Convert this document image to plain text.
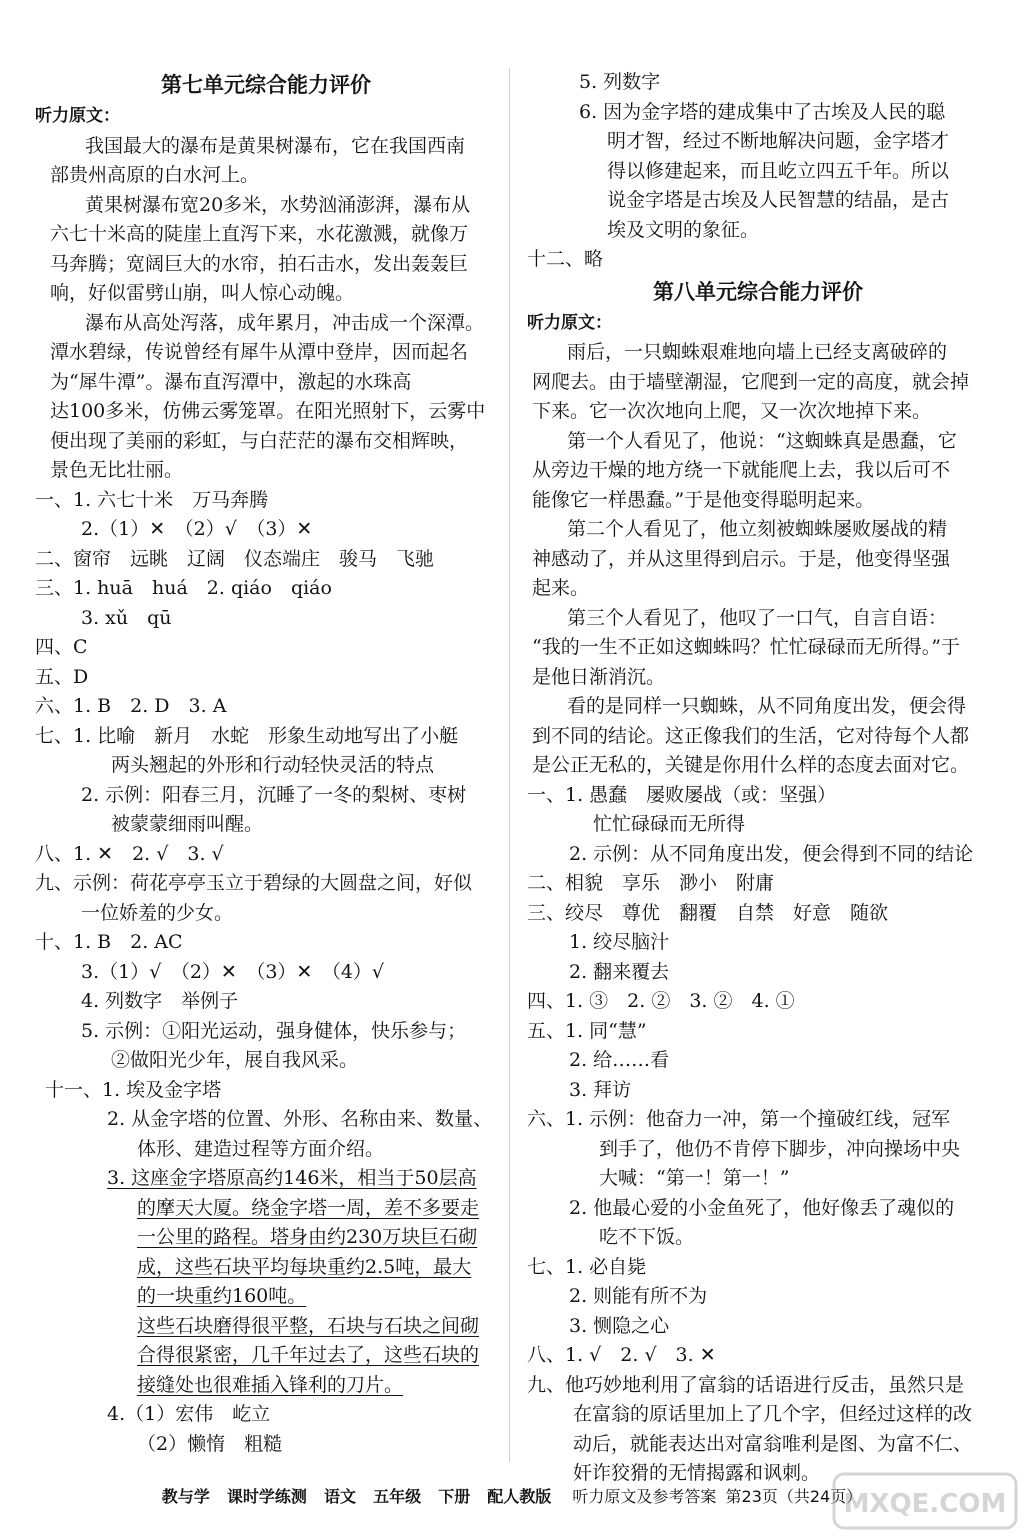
第七单元综合能力评价
听力原文：
我国最大的瀑布是黄果树瀑布，它在我国西南
部贵州高原的白水河上。
黄果树瀑布宽20多米，水势汹涌澎湃，瀑布从
六七十米高的陡崖上直泻下来，水花激溅，就像万
马奔腾；宽阔巨大的水帘，拍石击水，发出轰轰巨
响，好似雷劈山崩，叫人惊心动魄。
瀑布从高处泻落，成年累月，冲击成一个深潭。
潭水碧绿，传说曾经有犀牛从潭中登岸，因而起名
为“犀牛潭”。瀑布直泻潭中，激起的水珠高
达100多米，仿佛云雾笼罩。在阳光照射下，云雾中
便出现了美丽的彩虹，与白茫茫的瀑布交相辉映，
景色无比壮丽。
一、1. 六七十米　万马奔腾
2.（1）✕　（2）√　（3）✕
二、窗帘　远眺　辽阔　仪态端庄　骏马　飞驰
三、1. huā　huá　2. qiáo　qiáo
3. xǔ　qū
四、C
五、D
六、1. B　2. D　3. A
七、1. 比喻　新月　水蛇　形象生动地写出了小艇
两头翘起的外形和行动轻快灵活的特点
2. 示例：阳春三月，沉睡了一冬的梨树、枣树
被蒙蒙细雨叫醒。
八、1. ✕　2. √　3. √
九、示例：荷花亭亭玉立于碧绿的大圆盘之间，好似
一位娇羞的少女。
十、1. B　2. AC
3.（1）√　（2）✕　（3）✕　（4）√
4. 列数字　举例子
5. 示例：①阳光运动，强身健体，快乐参与；
②做阳光少年，展自我风采。
十一、1. 埃及金字塔
2. 从金字塔的位置、外形、名称由来、数量、
体形、建造过程等方面介绍。
3. 这座金字塔原高约146米，相当于50层高
的摩天大厦。绕金字塔一周，差不多要走
一公里的路程。塔身由约230万块巨石砌
成，这些石块平均每块重约2.5吨，最大
的一块重约160吨。
这些石块磨得很平整，石块与石块之间砌
合得很紧密，几千年过去了，这些石块的
接缝处也很难插入锋利的刀片。
4.（1）宏伟　屹立
（2）懒惰　粗糙
5. 列数字
6. 因为金字塔的建成集中了古埃及人民的聪
明才智，经过不断地解决问题，金字塔才
得以修建起来，而且屹立四五千年。所以
说金字塔是古埃及人民智慧的结晶，是古
埃及文明的象征。
十二、略
第八单元综合能力评价
听力原文：
雨后，一只蜘蛛艰难地向墙上已经支离破碎的
网爬去。由于墙壁潮湿，它爬到一定的高度，就会掉
下来。它一次次地向上爬，又一次次地掉下来。
第一个人看见了，他说：“这蜘蛛真是愚蠢，它
从旁边干燥的地方绕一下就能爬上去，我以后可不
能像它一样愚蠢。”于是他变得聪明起来。
第二个人看见了，他立刻被蜘蛛屡败屡战的精
神感动了，并从这里得到启示。于是，他变得坚强
起来。
第三个人看见了，他叹了一口气，自言自语：
“我的一生不正如这蜘蛛吗？忙忙碌碌而无所得。”于
是他日渐消沉。
看的是同样一只蜘蛛，从不同角度出发，便会得
到不同的结论。这正像我们的生活，它对待每个人都
是公正无私的，关键是你用什么样的态度去面对它。
一、1. 愚蠢　屡败屡战（或：坚强）
忙忙碌碌而无所得
2. 示例：从不同角度出发，便会得到不同的结论
二、相貌　享乐　渺小　附庸
三、绞尽　尊优　翻覆　自禁　好意　随欲
1. 绞尽脑汁
2. 翻来覆去
四、1. ③　2. ②　3. ②　4. ①
五、1. 同“慧”
2. 给……看
3. 拜访
六、1. 示例：他奋力一冲，第一个撞破红线，冠军
到手了，他仍不肯停下脚步，冲向操场中央
大喊：“第一！第一！”
2. 他最心爱的小金鱼死了，他好像丢了魂似的
吃不下饭。
七、1. 必自毙
2. 则能有所不为
3. 恻隐之心
八、1. √　2. √　3. ✕
九、他巧妙地利用了富翁的话语进行反击，虽然只是
在富翁的原话里加上了几个字，但经过这样的改
动后，就能表达出对富翁唯利是图、为富不仁、
奸诈狡猾的无情揭露和讽刺。
教与学 课时学练测 语文 五年级 下册 配人教版 听力原文及参考答案 第23页（共24页）
MXQE.COM
